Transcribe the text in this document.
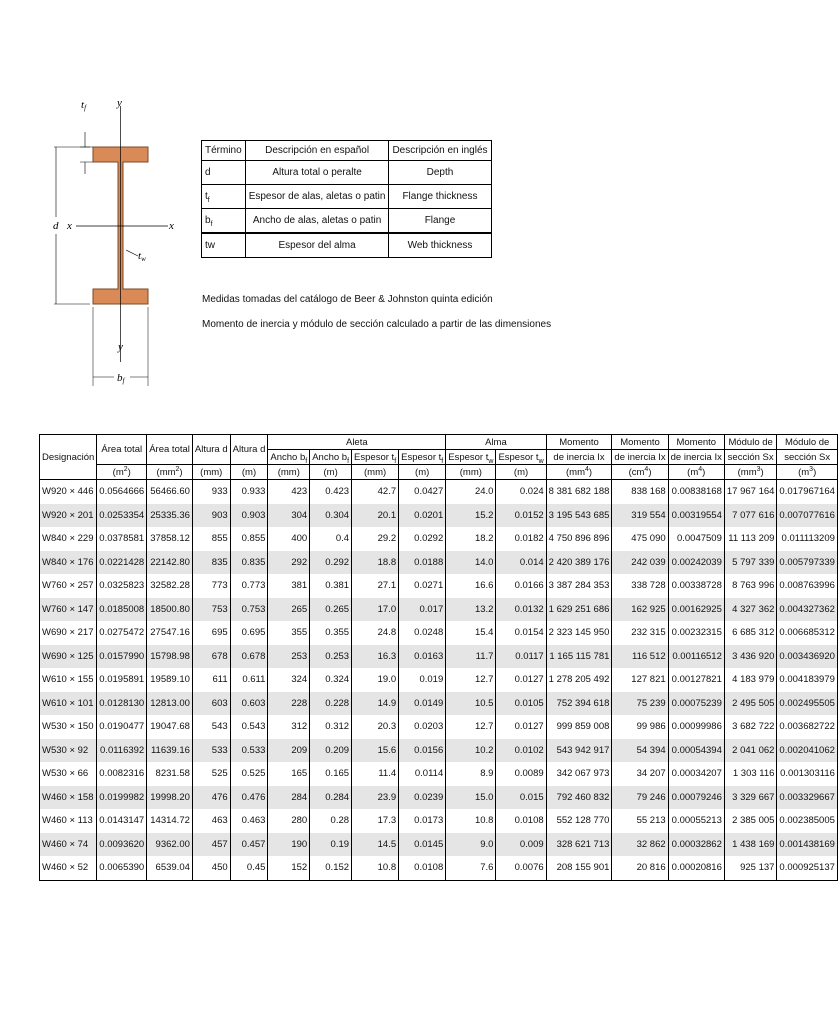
tf	y
x	x
d
tw
y
bf
Término	Descripción en español	Descripción en inglés
d	Altura total o peralte	Depth
$t_f$	Espesor de alas, aletas o patin	Flange thickness
$b_f$	Ancho de alas, aletas o patin	Flange
tw	Espesor del alma	Web thickness
Medidas tomadas del catálogo de Beer & Johnston quinta edición
Momento de inercia y módulo de sección calculado a partir de las dimensiones
Designación	Área total	Área total	Altura d	Altura d	Aleta				Alma		Momento	Momento	Momento	Módulo de	Módulo de
					Ancho $b_f$	Ancho $b_f$	Espesor $t_f$	Espesor $t_f$	Espesor $t_w$	Espesor $t_w$	de inercia Ix	de inercia Ix	de inercia Ix	sección Sx	sección Sx
	$(m^2)$	$(mm^2)$	(mm)	(m)	(mm)	(m)	(mm)	(m)	(mm)	(m)	$(mm^4)$	$(cm^4)$	$(m^4)$	$(mm^3)$	$(m^3)$
W920 × 446	0.0564666	56466.60	933	0.933	423	0.423	42.7	0.0427	24.0	0.024	8 381 682 188	838 168	0.00838168	17 967 164	0.017967164
W920 × 201	0.0253354	25335.36	903	0.903	304	0.304	20.1	0.0201	15.2	0.0152	3 195 543 685	319 554	0.00319554	7 077 616	0.007077616
W840 × 229	0.0378581	37858.12	855	0.855	400	0.4	29.2	0.0292	18.2	0.0182	4 750 896 896	475 090	0.0047509	11 113 209	0.011113209
W840 × 176	0.0221428	22142.80	835	0.835	292	0.292	18.8	0.0188	14.0	0.014	2 420 389 176	242 039	0.00242039	5 797 339	0.005797339
W760 × 257	0.0325823	32582.28	773	0.773	381	0.381	27.1	0.0271	16.6	0.0166	3 387 284 353	338 728	0.00338728	8 763 996	0.008763996
W760 × 147	0.0185008	18500.80	753	0.753	265	0.265	17.0	0.017	13.2	0.0132	1 629 251 686	162 925	0.00162925	4 327 362	0.004327362
W690 × 217	0.0275472	27547.16	695	0.695	355	0.355	24.8	0.0248	15.4	0.0154	2 323 145 950	232 315	0.00232315	6 685 312	0.006685312
W690 × 125	0.0157990	15798.98	678	0.678	253	0.253	16.3	0.0163	11.7	0.0117	1 165 115 781	116 512	0.00116512	3 436 920	0.003436920
W610 × 155	0.0195891	19589.10	611	0.611	324	0.324	19.0	0.019	12.7	0.0127	1 278 205 492	127 821	0.00127821	4 183 979	0.004183979
W610 × 101	0.0128130	12813.00	603	0.603	228	0.228	14.9	0.0149	10.5	0.0105	752 394 618	75 239	0.00075239	2 495 505	0.002495505
W530 × 150	0.0190477	19047.68	543	0.543	312	0.312	20.3	0.0203	12.7	0.0127	999 859 008	99 986	0.00099986	3 682 722	0.003682722
W530 × 92	0.0116392	11639.16	533	0.533	209	0.209	15.6	0.0156	10.2	0.0102	543 942 917	54 394	0.00054394	2 041 062	0.002041062
W530 × 66	0.0082316	8231.58	525	0.525	165	0.165	11.4	0.0114	8.9	0.0089	342 067 973	34 207	0.00034207	1 303 116	0.001303116
W460 × 158	0.0199982	19998.20	476	0.476	284	0.284	23.9	0.0239	15.0	0.015	792 460 832	79 246	0.00079246	3 329 667	0.003329667
W460 × 113	0.0143147	14314.72	463	0.463	280	0.28	17.3	0.0173	10.8	0.0108	552 128 770	55 213	0.00055213	2 385 005	0.002385005
W460 × 74	0.0093620	9362.00	457	0.457	190	0.19	14.5	0.0145	9.0	0.009	328 621 713	32 862	0.00032862	1 438 169	0.001438169
W460 × 52	0.0065390	6539.04	450	0.45	152	0.152	10.8	0.0108	7.6	0.0076	208 155 901	20 816	0.00020816	925 137	0.000925137
